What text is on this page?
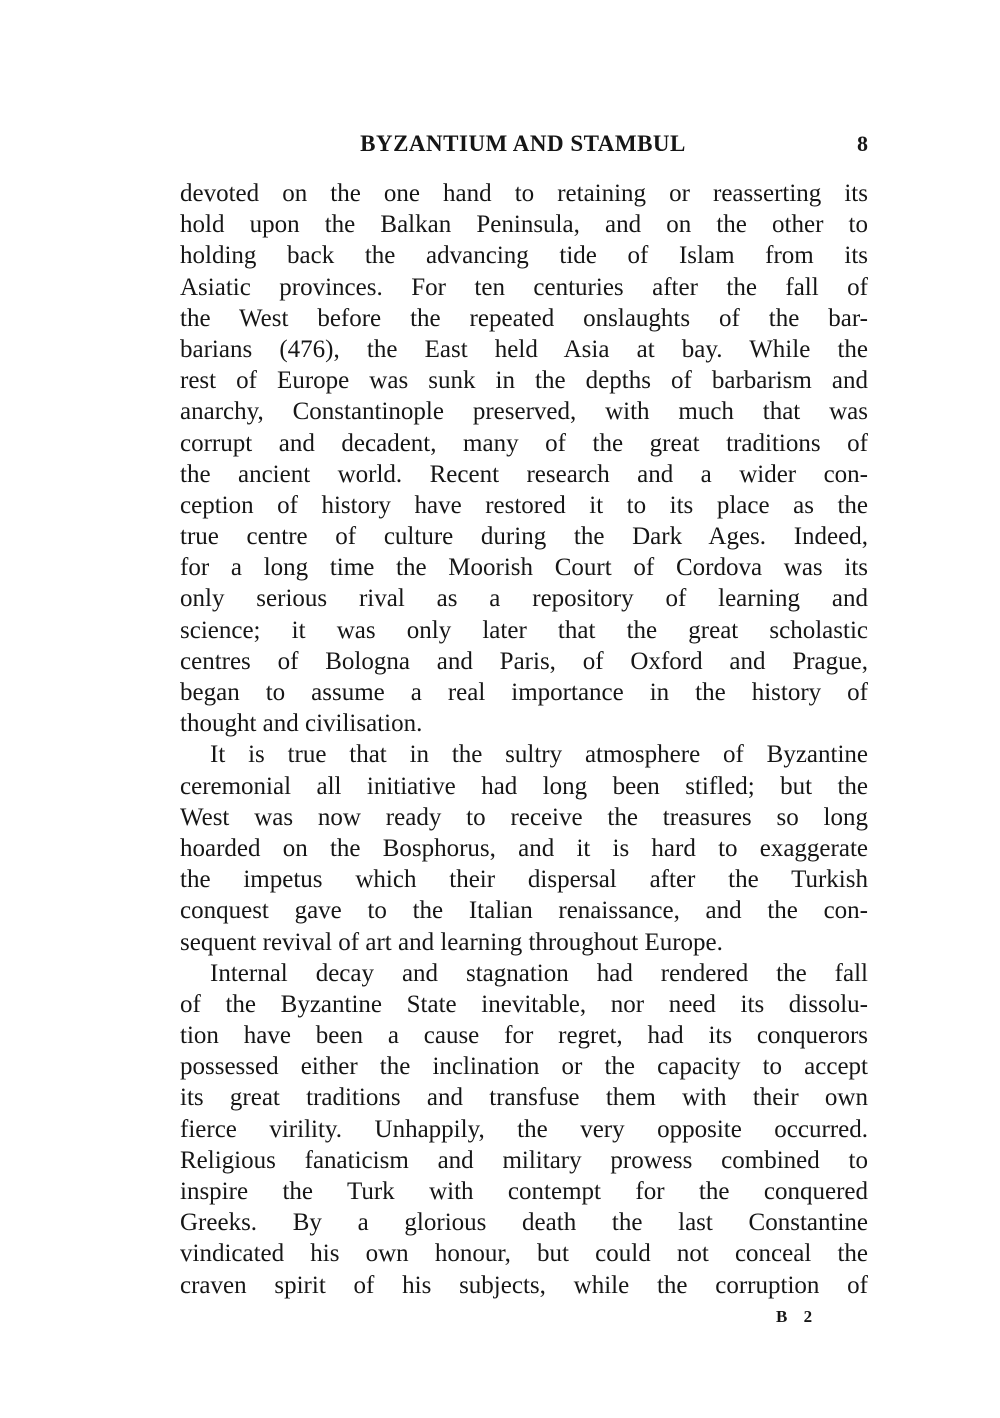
BYZANTIUM AND STAMBUL	8
devoted on the one hand to retaining or reasserting its
hold upon the Balkan Peninsula, and on the other to
holding back the advancing tide of Islam from its
Asiatic provinces. For ten centuries after the fall of
the West before the repeated onslaughts of the bar-
barians (476), the East held Asia at bay. While the
rest of Europe was sunk in the depths of barbarism and
anarchy, Constantinople preserved, with much that was
corrupt and decadent, many of the great traditions of
the ancient world. Recent research and a wider con-
ception of history have restored it to its place as the
true centre of culture during the Dark Ages. Indeed,
for a long time the Moorish Court of Cordova was its
only serious rival as a repository of learning and
science; it was only later that the great scholastic
centres of Bologna and Paris, of Oxford and Prague,
began to assume a real importance in the history of
thought and civilisation.
It is true that in the sultry atmosphere of Byzantine
ceremonial all initiative had long been stifled; but the
West was now ready to receive the treasures so long
hoarded on the Bosphorus, and it is hard to exaggerate
the impetus which their dispersal after the Turkish
conquest gave to the Italian renaissance, and the con-
sequent revival of art and learning throughout Europe.
Internal decay and stagnation had rendered the fall
of the Byzantine State inevitable, nor need its dissolu-
tion have been a cause for regret, had its conquerors
possessed either the inclination or the capacity to accept
its great traditions and transfuse them with their own
fierce virility. Unhappily, the very opposite occurred.
Religious fanaticism and military prowess combined to
inspire the Turk with contempt for the conquered
Greeks. By a glorious death the last Constantine
vindicated his own honour, but could not conceal the
craven spirit of his subjects, while the corruption of
B 2
